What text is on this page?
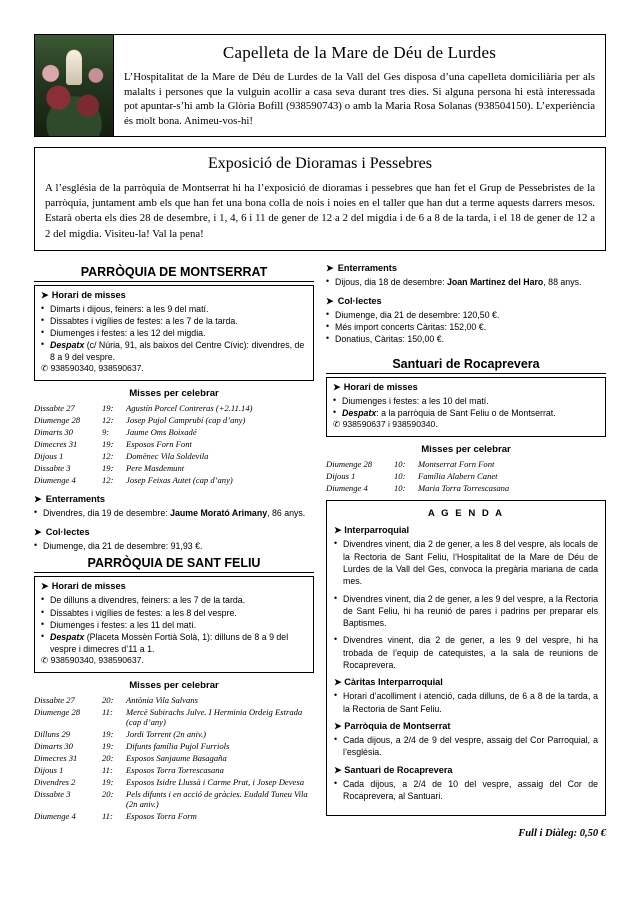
Capelleta de la Mare de Déu de Lurdes

L’Hospitalitat de la Mare de Déu de Lurdes de la Vall del Ges disposa d’una capelleta domiciliària per als malalts i persones que la vulguin acollir a casa seva durant tres dies. Si alguna persona hi està interessada pot apuntar-s’hi amb la Glòria Bofill (938590743) o amb la Maria Rosa Solanas (938504150). L’experiència és molt bona. Animeu-vos-hi!

Exposició de Dioramas i Pessebres

A l’església de la parròquia de Montserrat hi ha l’exposició de dioramas i pessebres que han fet el Grup de Pessebristes de la parròquia, juntament amb els que han fet una bona colla de nois i noies en el taller que han dut a terme aquests darrers mesos. Estarà oberta els dies 28 de desembre, i 1, 4, 6 i 11 de gener de 12 a 2 del migdia i de 6 a 8 de la tarda, i el 18 de gener de 12 a 2 del migdia. Visiteu-la! Val la pena!

PARRÒQUIA DE MONTSERRAT
➤ Horari de misses
• Dimarts i dijous, feiners: a les 9 del matí.
• Dissabtes i vigílies de festes: a les 7 de la tarda.
• Diumenges i festes: a les 12 del migdia.
• Despatx (c/ Núria, 91, als baixos del Centre Cívic): divendres, de 8 a 9 del vespre.
✆ 938590340, 938590637.
Misses per celebrar
Dissabte 27	19:	Agustín Porcel Contreras (+2.11.14)
Diumenge 28	12:	Josep Pujol Camprubí (cap d’any)
Dimarts 30	9:	Jaume Oms Boixadé
Dimecres 31	19:	Esposos Forn Font
Dijous 1	12:	Domènec Vila Soldevila
Dissabte 3	19:	Pere Masdemunt
Diumenge 4	12:	Josep Feixas Autet (cap d’any)
➤ Enterraments
• Divendres, dia 19 de desembre: Jaume Morató Arimany, 86 anys.
➤ Col·lectes
• Diumenge, dia 21 de desembre: 91,93 €.
PARRÒQUIA DE SANT FELIU
➤ Horari de misses
• De dilluns a divendres, feiners: a les 7 de la tarda.
• Dissabtes i vigílies de festes: a les 8 del vespre.
• Diumenges i festes: a les 11 del matí.
• Despatx (Placeta Mossèn Fortià Solà, 1): dilluns de 8 a 9 del vespre i dimecres d’11 a 1.
✆ 938590340, 938590637.
Misses per celebrar
Dissabte 27	20:	Antònia Vila Salvans
Diumenge 28	11:	Mercè Subirachs Julve. I Herminia Ordeig Estrada (cap d’any)
Dilluns 29	19:	Jordi Torrent (2n aniv.)
Dimarts 30	19:	Difunts família Pujol Furriols
Dimecres 31	20:	Esposos Sanjaume Basagaña
Dijous 1	11:	Esposos Torra Torrescasana
Divendres 2	19:	Esposos Isidre Llussà i Carme Prat, i Josep Devesa
Dissabte 3	20:	Pels difunts i en acció de gràcies. Eudald Tuneu Vila (2n aniv.)
Diumenge 4	11:	Esposos Torra Form
➤ Enterraments
• Dijous, dia 18 de desembre: Joan Martínez del Haro, 88 anys.
➤ Col·lectes
• Diumenge, dia 21 de desembre: 120,50 €.
• Més import concerts Càritas: 152,00 €.
• Donatius, Càritas: 150,00 €.
Santuari de Rocaprevera
➤ Horari de misses
• Diumenges i festes: a les 10 del matí.
• Despatx: a la parròquia de Sant Feliu o de Montserrat.
✆ 938590637 i 938590340.
Misses per celebrar
Diumenge 28	10:	Montserrat Forn Font
Dijous 1	10:	Família Alabern Canet
Diumenge 4	10:	Maria Torra Torrescasana
A G E N D A
➤ Interparroquial
• Divendres vinent, dia 2 de gener, a les 8 del vespre, als locals de la Rectoria de Sant Feliu, l’Hospitalitat de la Mare de Déu de Lurdes de la Vall del Ges, convoca la pregària mariana de cada mes.
• Divendres vinent, dia 2 de gener, a les 9 del vespre, a la Rectoria de Sant Feliu, hi ha reunió de pares i padrins per preparar els Baptismes.
• Divendres vinent, dia 2 de gener, a les 9 del vespre, hi ha trobada de l’equip de catequistes, a la sala de reunions de Rocaprevera.
➤ Càritas Interparroquial
• Horari d’acolliment i atenció, cada dilluns, de 6 a 8 de la tarda, a la Rectoria de Sant Feliu.
➤ Parròquia de Montserrat
• Cada dijous, a 2/4 de 9 del vespre, assaig del Cor Parroquial, a l’església.
➤ Santuari de Rocaprevera
• Cada dijous, a 2/4 de 10 del vespre, assaig del Cor de Rocaprevera, al Santuari.
Full i Diàleg: 0,50 €
